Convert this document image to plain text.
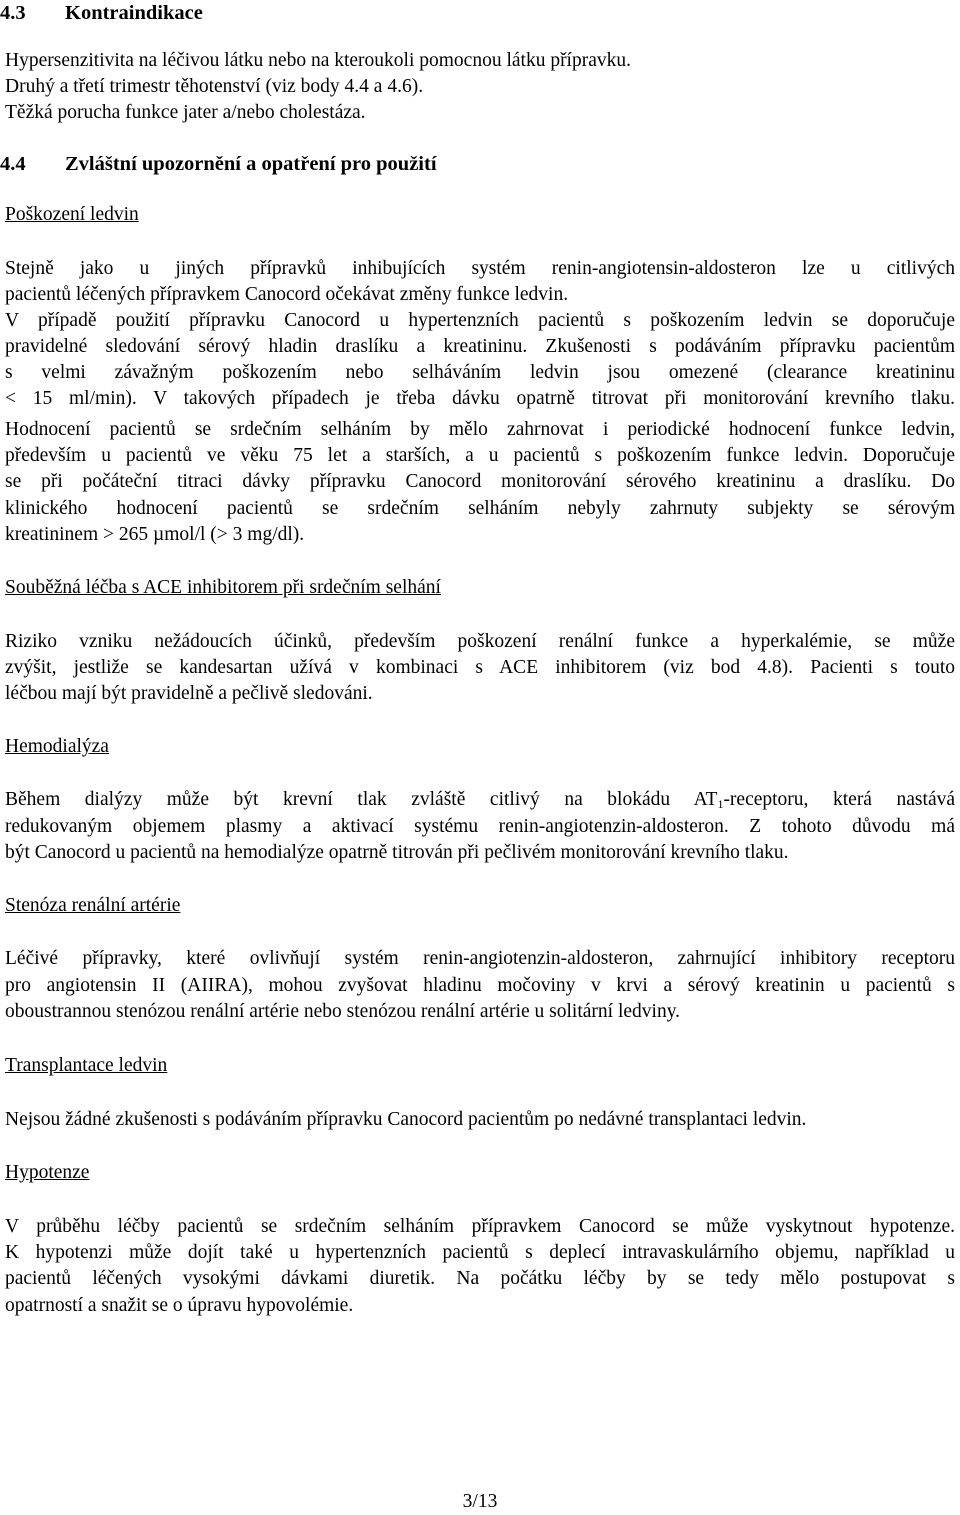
4.3 Kontraindikace
Hypersenzitivita na léčivou látku nebo na kteroukoli pomocnou látku přípravku.
Druhý a třetí trimestr těhotenství (viz body 4.4 a 4.6).
Těžká porucha funkce jater a/nebo cholestáza.
4.4 Zvláštní upozornění a opatření pro použití
Poškození ledvin
Stejně jako u jiných přípravků inhibujících systém renin-angiotensin-aldosteron lze u citlivých
pacientů léčených přípravkem Canocord očekávat změny funkce ledvin.
V případě použití přípravku Canocord u hypertenzních pacientů s poškozením ledvin se doporučuje
pravidelné sledování sérový hladin draslíku a kreatininu. Zkušenosti s podáváním přípravku pacientům
s velmi závažným poškozením nebo selháváním ledvin jsou omezené (clearance kreatininu
< 15 ml/min). V takových případech je třeba dávku opatrně titrovat při monitorování krevního tlaku.
Hodnocení pacientů se srdečním selháním by mělo zahrnovat i periodické hodnocení funkce ledvin,
především u pacientů ve věku 75 let a starších, a u pacientů s poškozením funkce ledvin. Doporučuje
se při počáteční titraci dávky přípravku Canocord monitorování sérového kreatininu a draslíku. Do
klinického hodnocení pacientů se srdečním selháním nebyly zahrnuty subjekty se sérovým
kreatininem > 265 µmol/l (> 3 mg/dl).
Souběžná léčba s ACE inhibitorem při srdečním selhání
Riziko vzniku nežádoucích účinků, především poškození renální funkce a hyperkalémie, se může
zvýšit, jestliže se kandesartan užívá v kombinaci s ACE inhibitorem (viz bod 4.8). Pacienti s touto
léčbou mají být pravidelně a pečlivě sledováni.
Hemodialýza
Během dialýzy může být krevní tlak zvláště citlivý na blokádu $AT_1$-receptoru, která nastává
redukovaným objemem plasmy a aktivací systému renin-angiotenzin-aldosteron. Z tohoto důvodu má
být Canocord u pacientů na hemodialýze opatrně titrován při pečlivém monitorování krevního tlaku.
Stenóza renální artérie
Léčivé přípravky, které ovlivňují systém renin-angiotenzin-aldosteron, zahrnující inhibitory receptoru
pro angiotensin II (AIIRA), mohou zvyšovat hladinu močoviny v krvi a sérový kreatinin u pacientů s
oboustrannou stenózou renální artérie nebo stenózou renální artérie u solitární ledviny.
Transplantace ledvin
Nejsou žádné zkušenosti s podáváním přípravku Canocord pacientům po nedávné transplantaci ledvin.
Hypotenze
V průběhu léčby pacientů se srdečním selháním přípravkem Canocord se může vyskytnout hypotenze.
K hypotenzi může dojít také u hypertenzních pacientů s deplecí intravaskulárního objemu, například u
pacientů léčených vysokými dávkami diuretik. Na počátku léčby by se tedy mělo postupovat s
opatrností a snažit se o úpravu hypovolémie.
3/13
